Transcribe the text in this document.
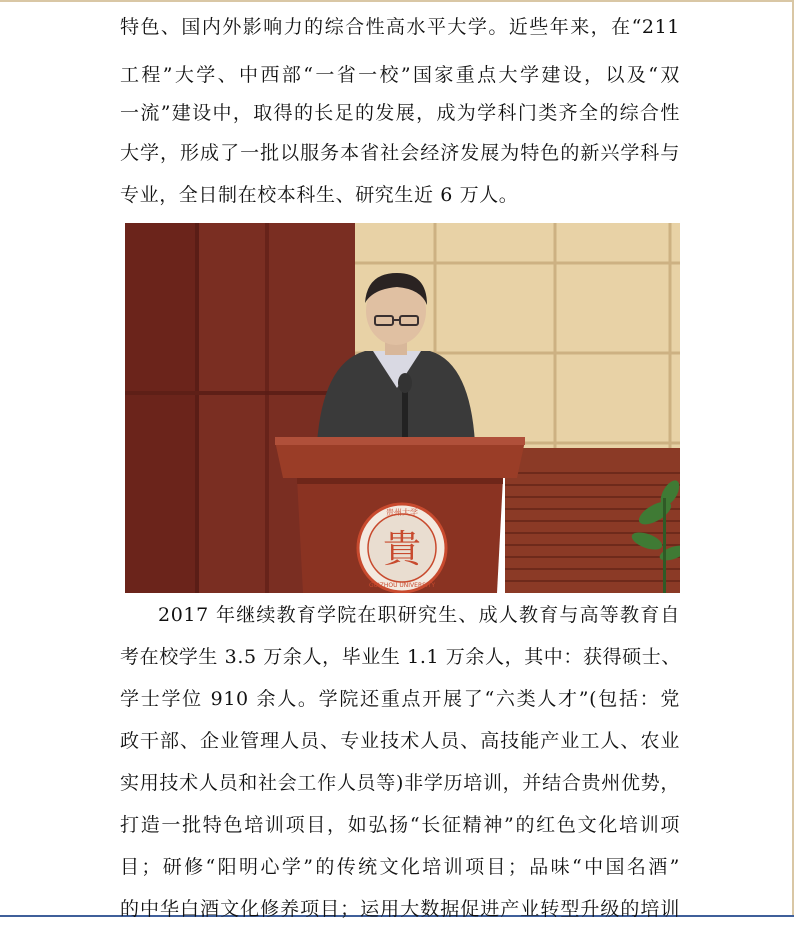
特色、国内外影响力的综合性高水平大学。近些年来，在“211
工程”大学、中西部“一省一校”国家重点大学建设，以及“双
一流”建设中，取得的长足的发展，成为学科门类齐全的综合性
大学，形成了一批以服务本省社会经济发展为特色的新兴学科与
专业，全日制在校本科生、研究生近 6 万人。
貴
贵州大学
GUIZHOU UNIVERSITY
2017 年继续教育学院在职研究生、成人教育与高等教育自
考在校学生 3.5 万余人，毕业生 1.1 万余人，其中：获得硕士、
学士学位 910 余人。学院还重点开展了“六类人才”(包括：党
政干部、企业管理人员、专业技术人员、高技能产业工人、农业
实用技术人员和社会工作人员等)非学历培训，并结合贵州优势，
打造一批特色培训项目，如弘扬“长征精神”的红色文化培训项
目；研修“阳明心学”的传统文化培训项目；品味“中国名酒”
的中华白酒文化修养项目；运用大数据促进产业转型升级的培训
